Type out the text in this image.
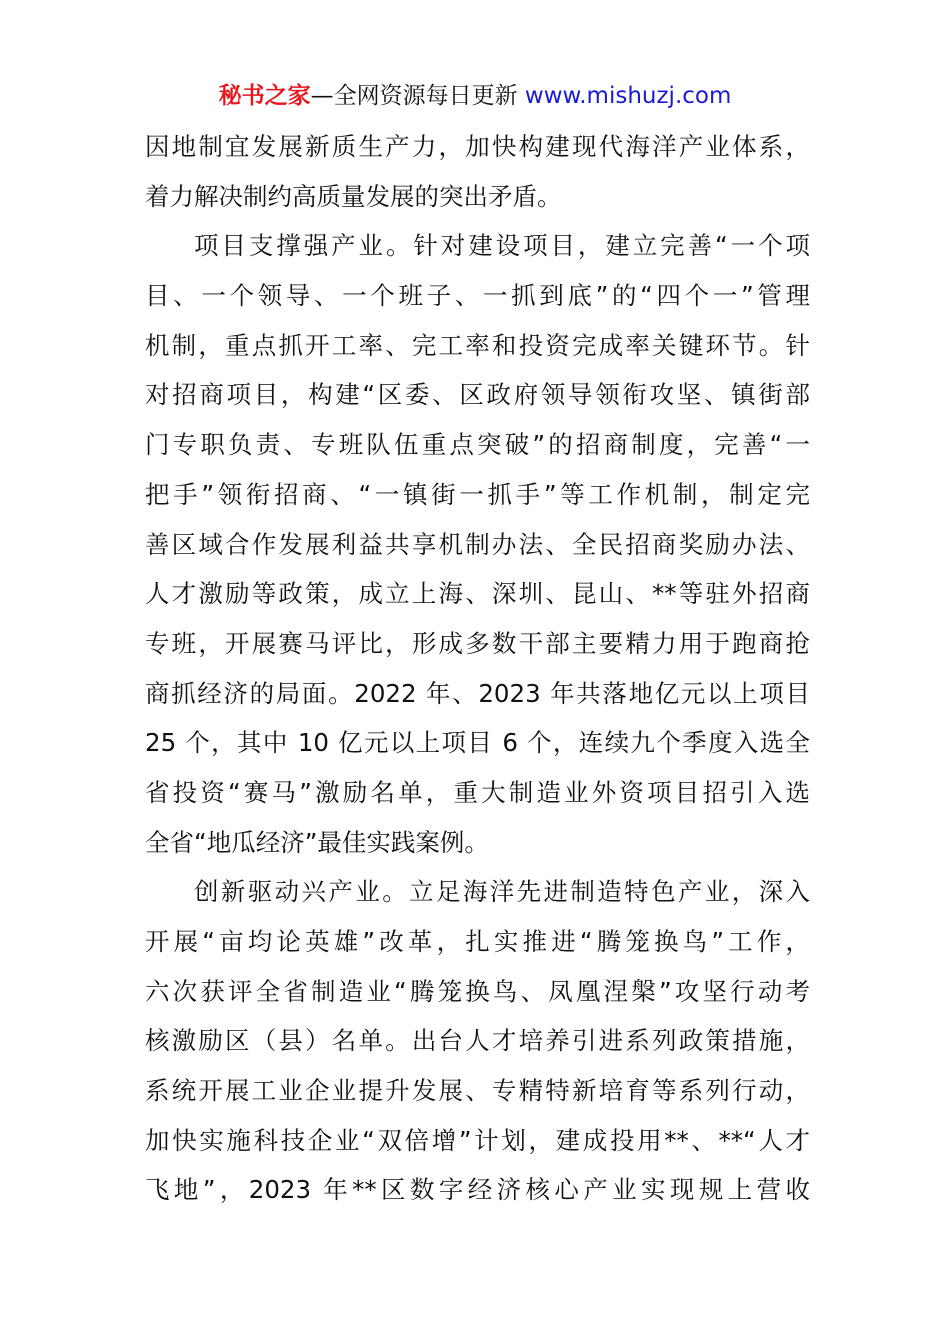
秘书之家—全网资源每日更新 www.mishuzj.com
因地制宜发展新质生产力，加快构建现代海洋产业体系，
着力解决制约高质量发展的突出矛盾。
项目支撑强产业。针对建设项目，建立完善“一个项
目、一个领导、一个班子、一抓到底”的“四个一”管理
机制，重点抓开工率、完工率和投资完成率关键环节。针
对招商项目，构建“区委、区政府领导领衔攻坚、镇街部
门专职负责、专班队伍重点突破”的招商制度，完善“一
把手”领衔招商、“一镇街一抓手”等工作机制，制定完
善区域合作发展利益共享机制办法、全民招商奖励办法、
人才激励等政策，成立上海、深圳、昆山、**等驻外招商
专班，开展赛马评比，形成多数干部主要精力用于跑商抢
商抓经济的局面。2022 年、2023 年共落地亿元以上项目
25 个，其中 10 亿元以上项目 6 个，连续九个季度入选全
省投资“赛马”激励名单，重大制造业外资项目招引入选
全省“地瓜经济”最佳实践案例。
创新驱动兴产业。立足海洋先进制造特色产业，深入
开展“亩均论英雄”改革，扎实推进“腾笼换鸟”工作，
六次获评全省制造业“腾笼换鸟、凤凰涅槃”攻坚行动考
核激励区（县）名单。出台人才培养引进系列政策措施，
系统开展工业企业提升发展、专精特新培育等系列行动，
加快实施科技企业“双倍增”计划，建成投用**、**“人才
飞地”，2023 年**区数字经济核心产业实现规上营收
